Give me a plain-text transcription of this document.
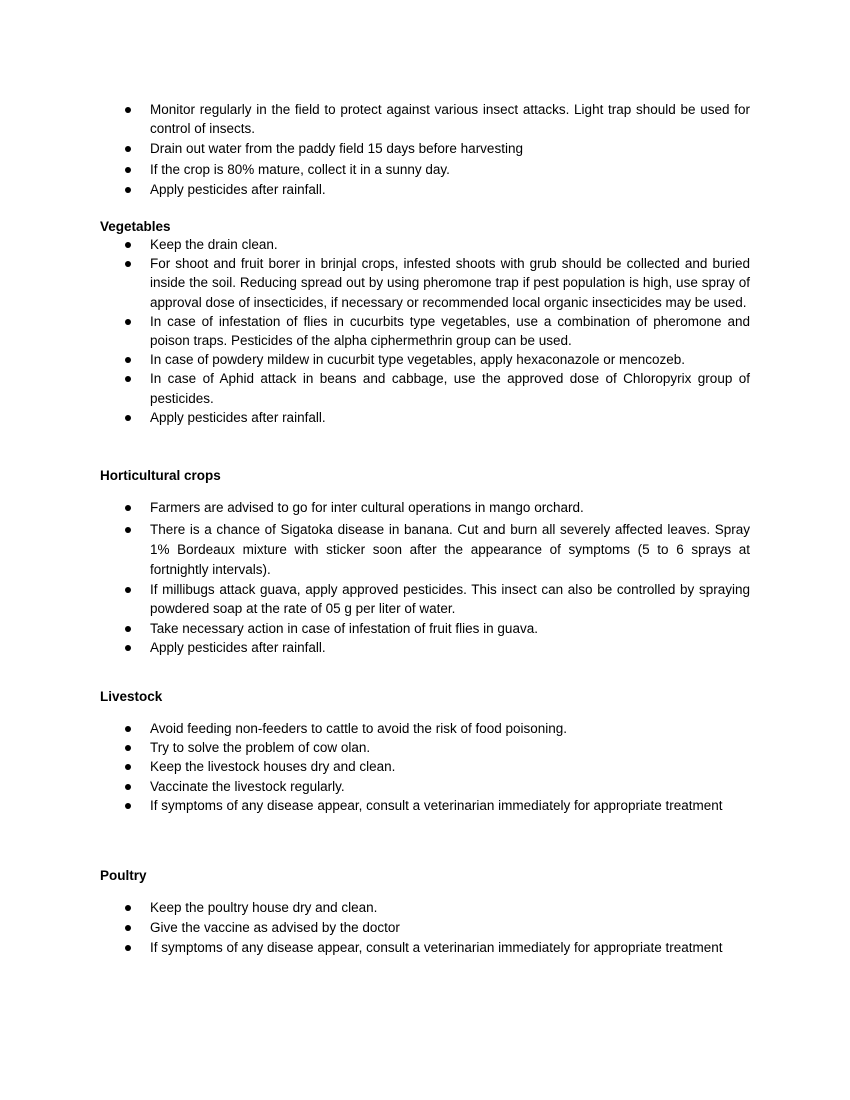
Monitor regularly in the field to protect against various insect attacks. Light trap should be used for control of insects.
Drain out water from the paddy field 15 days before harvesting
If the crop is 80% mature, collect it in a sunny day.
Apply pesticides after rainfall.
Vegetables
Keep the drain clean.
For shoot and fruit borer in brinjal crops, infested shoots with grub should be collected and buried inside the soil. Reducing spread out by using pheromone trap if pest population is high, use spray of approval dose of insecticides, if necessary or recommended local organic insecticides may be used.
In case of infestation of flies in cucurbits type vegetables, use a combination of pheromone and poison traps. Pesticides of the alpha ciphermethrin group can be used.
In case of powdery mildew in cucurbit type vegetables, apply hexaconazole or mencozeb.
In case of Aphid attack in beans and cabbage, use the approved dose of Chloropyrix group of pesticides.
Apply pesticides after rainfall.
Horticultural crops
Farmers are advised to go for inter cultural operations in mango orchard.
There is a chance of Sigatoka disease in banana. Cut and burn all severely affected leaves. Spray 1% Bordeaux mixture with sticker soon after the appearance of symptoms (5 to 6 sprays at fortnightly intervals).
If millibugs attack guava, apply approved pesticides. This insect can also be controlled by spraying powdered soap at the rate of 05 g per liter of water.
Take necessary action in case of infestation of fruit flies in guava.
Apply pesticides after rainfall.
Livestock
Avoid feeding non-feeders to cattle to avoid the risk of food poisoning.
Try to solve the problem of cow olan.
Keep the livestock houses dry and clean.
Vaccinate the livestock regularly.
If symptoms of any disease appear, consult a veterinarian immediately for appropriate treatment
Poultry
Keep the poultry house dry and clean.
Give the vaccine as advised by the doctor
If symptoms of any disease appear, consult a veterinarian immediately for appropriate treatment
